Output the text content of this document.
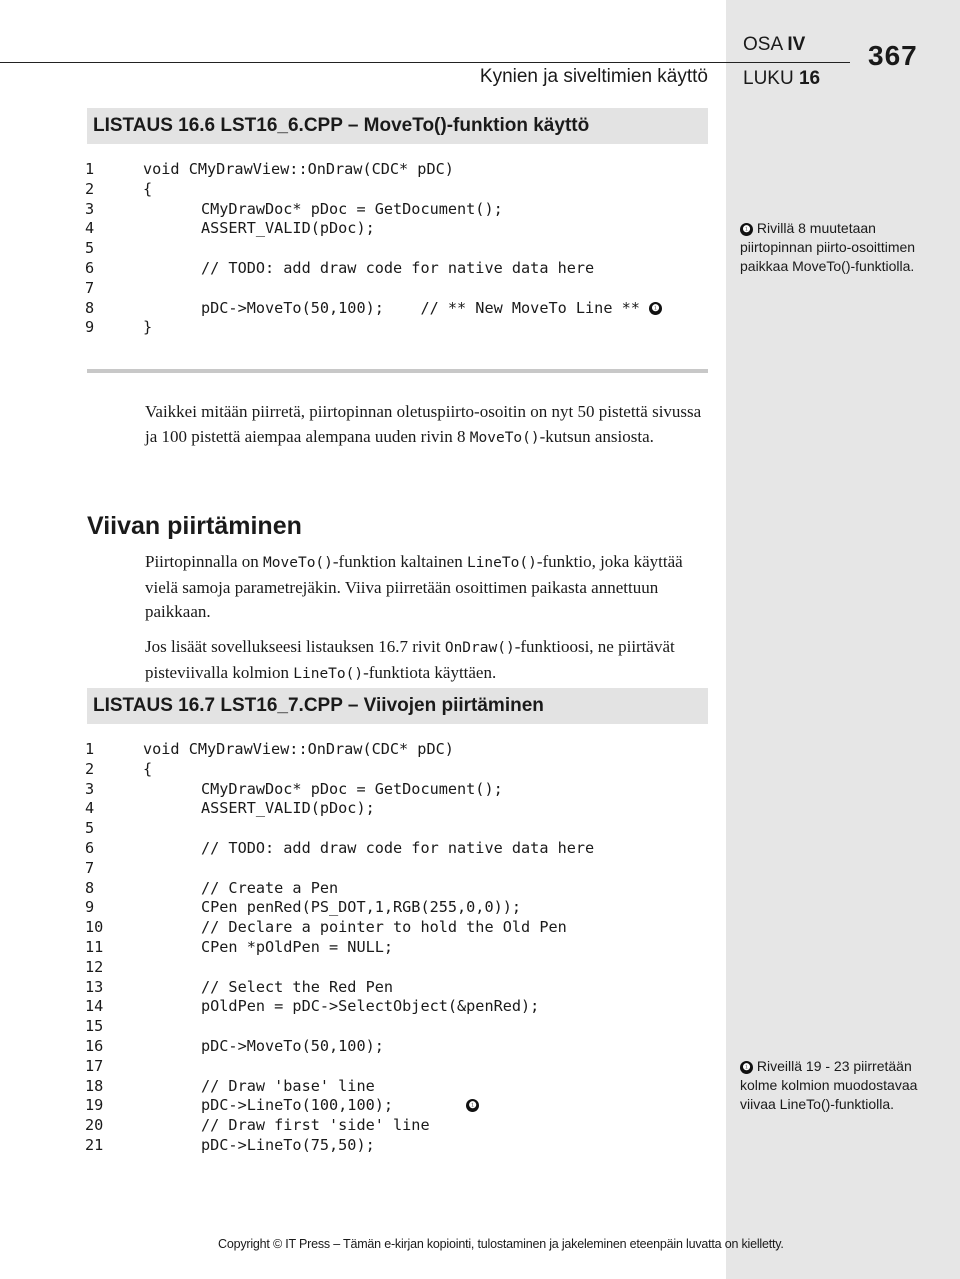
Kynien ja siveltimien käyttö
OSA IV
LUKU 16
367
LISTAUS 16.6 LST16_6.CPP – MoveTo()-funktion käyttö
1	void CMyDrawView::OnDraw(CDC* pDC)
2	{
3	CMyDrawDoc* pDoc = GetDocument();
4	ASSERT_VALID(pDoc);
5
6	// TODO: add draw code for native data here
7
8	pDC->MoveTo(50,100);    // ** New MoveTo Line ** ❶
9	}
❶ Rivillä 8 muutetaan piirtopinnan piirto-osoittimen paikkaa MoveTo()-funktiolla.

Vaikkei mitään piirretä, piirtopinnan oletuspiirto-osoitin on nyt 50 pistettä sivussa ja 100 pistettä aiempaa alempana uuden rivin 8 MoveTo()-kutsun ansiosta.

Viivan piirtäminen

Piirtopinnalla on MoveTo()-funktion kaltainen LineTo()-funktio, joka käyttää vielä samoja parametrejäkin. Viiva piirretään osoittimen paikasta annettuun paikkaan.

Jos lisäät sovellukseesi listauksen 16.7 rivit OnDraw()-funktioosi, ne piirtävät pisteviivalla kolmion LineTo()-funktiota käyttäen.

LISTAUS 16.7 LST16_7.CPP – Viivojen piirtäminen
1	void CMyDrawView::OnDraw(CDC* pDC)
2	{
3	CMyDrawDoc* pDoc = GetDocument();
4	ASSERT_VALID(pDoc);
5
6	// TODO: add draw code for native data here
7
8	// Create a Pen
9	CPen penRed(PS_DOT,1,RGB(255,0,0));
10	// Declare a pointer to hold the Old Pen
11	CPen *pOldPen = NULL;
12
13	// Select the Red Pen
14	pOldPen = pDC->SelectObject(&penRed);
15
16	pDC->MoveTo(50,100);
17
18	// Draw 'base' line
19	pDC->LineTo(100,100);        ❶
20	// Draw first 'side' line
21	pDC->LineTo(75,50);
❶ Riveillä 19 - 23 piirretään kolme kolmion muodostavaa viivaa LineTo()-funktiolla.
Copyright © IT Press – Tämän e-kirjan kopiointi, tulostaminen ja jakeleminen eteenpäin luvatta on kielletty.
